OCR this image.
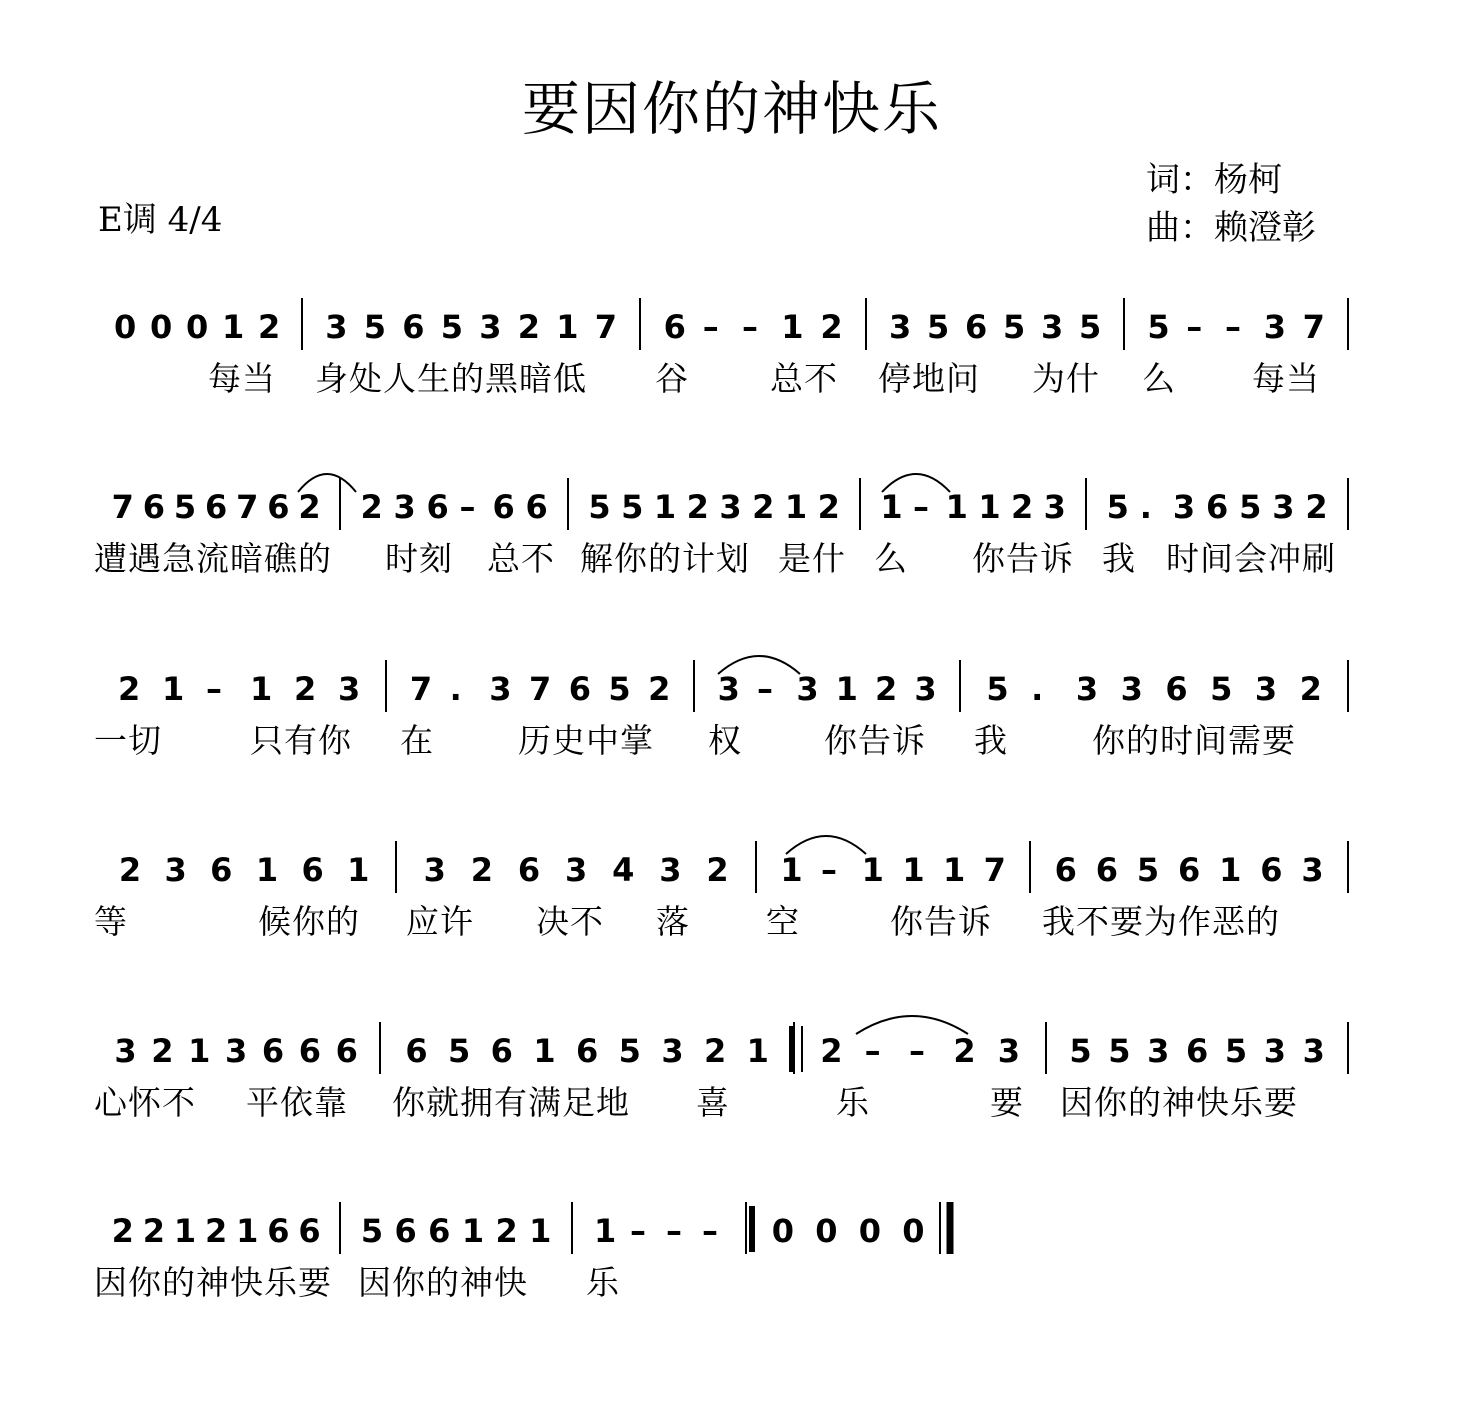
要因你的神快乐
E调 4/4
词：杨柯
曲：赖澄彰
0 0 0 1 2 3 5 6 5 3 2 1 7 6 – – 1 2 3 5 6 5 3 5 5 – – 3 7
每当 身处人生的黑暗低 谷 总不 停地问 为什 么 每当
7 6 5 6 7 6 2 2 3 6 – 6 6 5 5 1 2 3 2 1 2 1 – 1 1 2 3 5 . 3 6 5 3 2
遭遇急流暗礁的 时刻 总不 解你的计划 是什 么 你告诉 我 时间会冲刷
2 1 – 1 2 3 7 . 3 7 6 5 2 3 – 3 1 2 3 5 . 3 3 6 5 3 2
一切	只有你 在	历史中掌 权 你告诉 我	你的时间需要
2 3 6 1 6 1 3 2 6 3 4 3 2 1 – 1 1 1 7 6 6 5 6 1 6 3
等	候你的 应许 决不 落 空	你告诉 我不要为作恶的
3 2 1 3 6 6 6 6 5 6 1 6 5 3 2 1 2 – – 2 3 5 5 3 6 5 3 3
心怀不 平依靠 你就拥有满足地 喜	乐	要 因你的神快乐要
2 2 1 2 1 6 6 5 6 6 1 2 1 1 – – – 0 0 0 0
因你的神快乐要 因你的神快 乐
